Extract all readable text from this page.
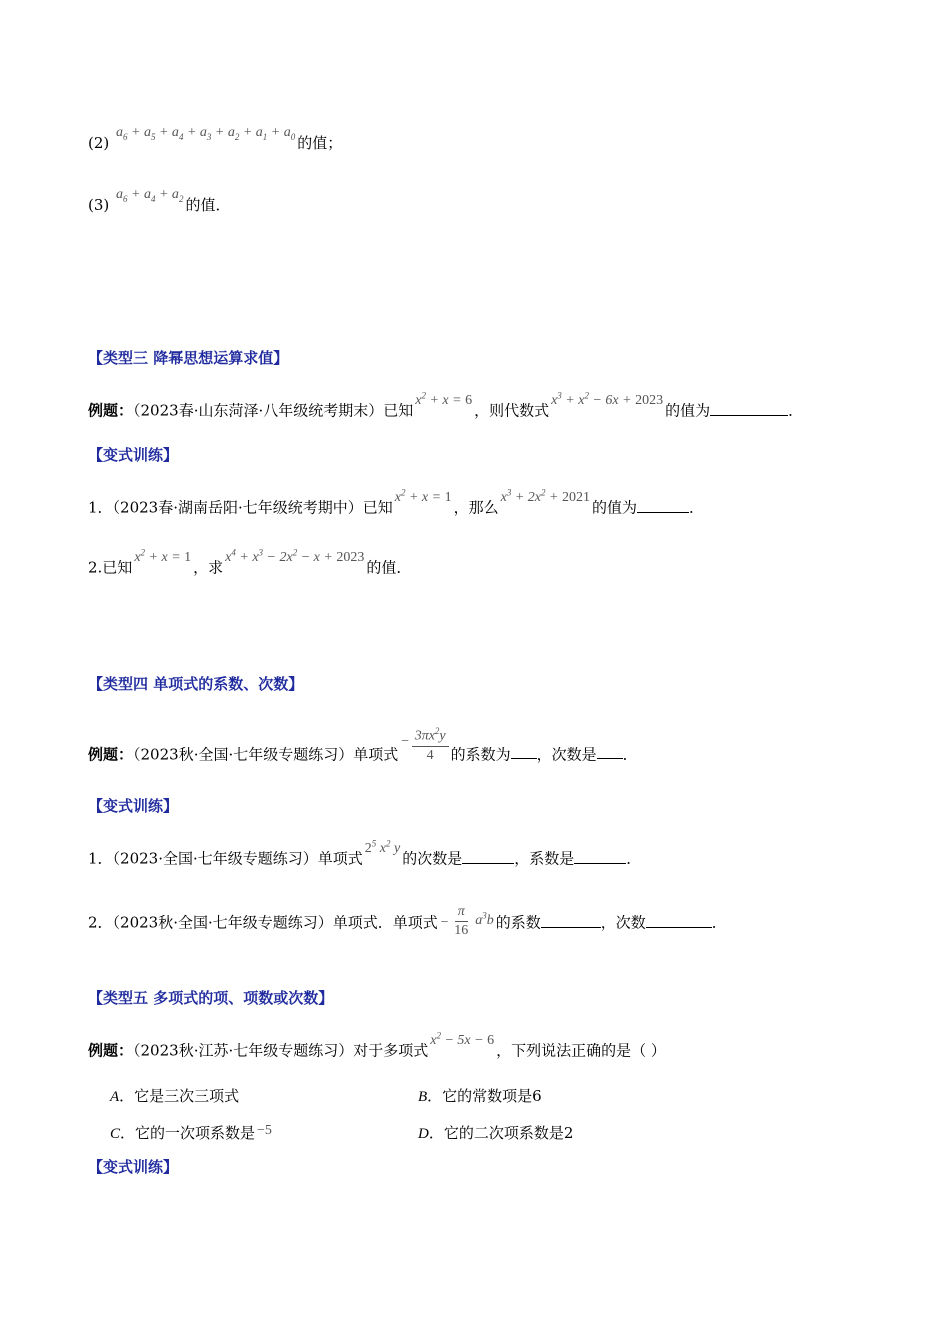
(2) $a_6 + a_5 + a_4 + a_3 + a_2 + a_1 + a_0$ 的值；
(3) $a_6 + a_4 + a_2$ 的值．
【类型三 降幂思想运算求值】
例题：（2023春·山东菏泽·八年级统考期末）已知$x^2 + x = 6$，则代数式$x^3 + x^2 - 6x + 2023$的值为	．
【变式训练】
1．（2023春·湖南岳阳·七年级统考期中）已知$x^2 + x = 1$，那么$x^3 + 2x^2 + 2021$的值为	．
2.已知$x^2 + x = 1$，求$x^4 + x^3 - 2x^2 - x + 2023$的值．
【类型四 单项式的系数、次数】
例题：（2023秋·全国·七年级专题练习）单项式− $\frac{3\pi x^2y}{4}$ 的系数为 ，次数是 ．
【变式训练】
1．（2023·全国·七年级专题练习）单项式$2^5$ $x^2$ y的次数是	，系数是	．
2．（2023秋·全国·七年级专题练习）单项式．单项式 − $\frac{\pi}{16} a^3b$ 的系数	，次数	．
【类型五 多项式的项、项数或次数】
例题：（2023秋·江苏·七年级专题练习）对于多项式$x^2 - 5x - 6$，下列说法正确的是（ ）
A．它是三次三项式	B．它的常数项是6
C．它的一次项系数是 −5	D．它的二次项系数是2
【变式训练】
